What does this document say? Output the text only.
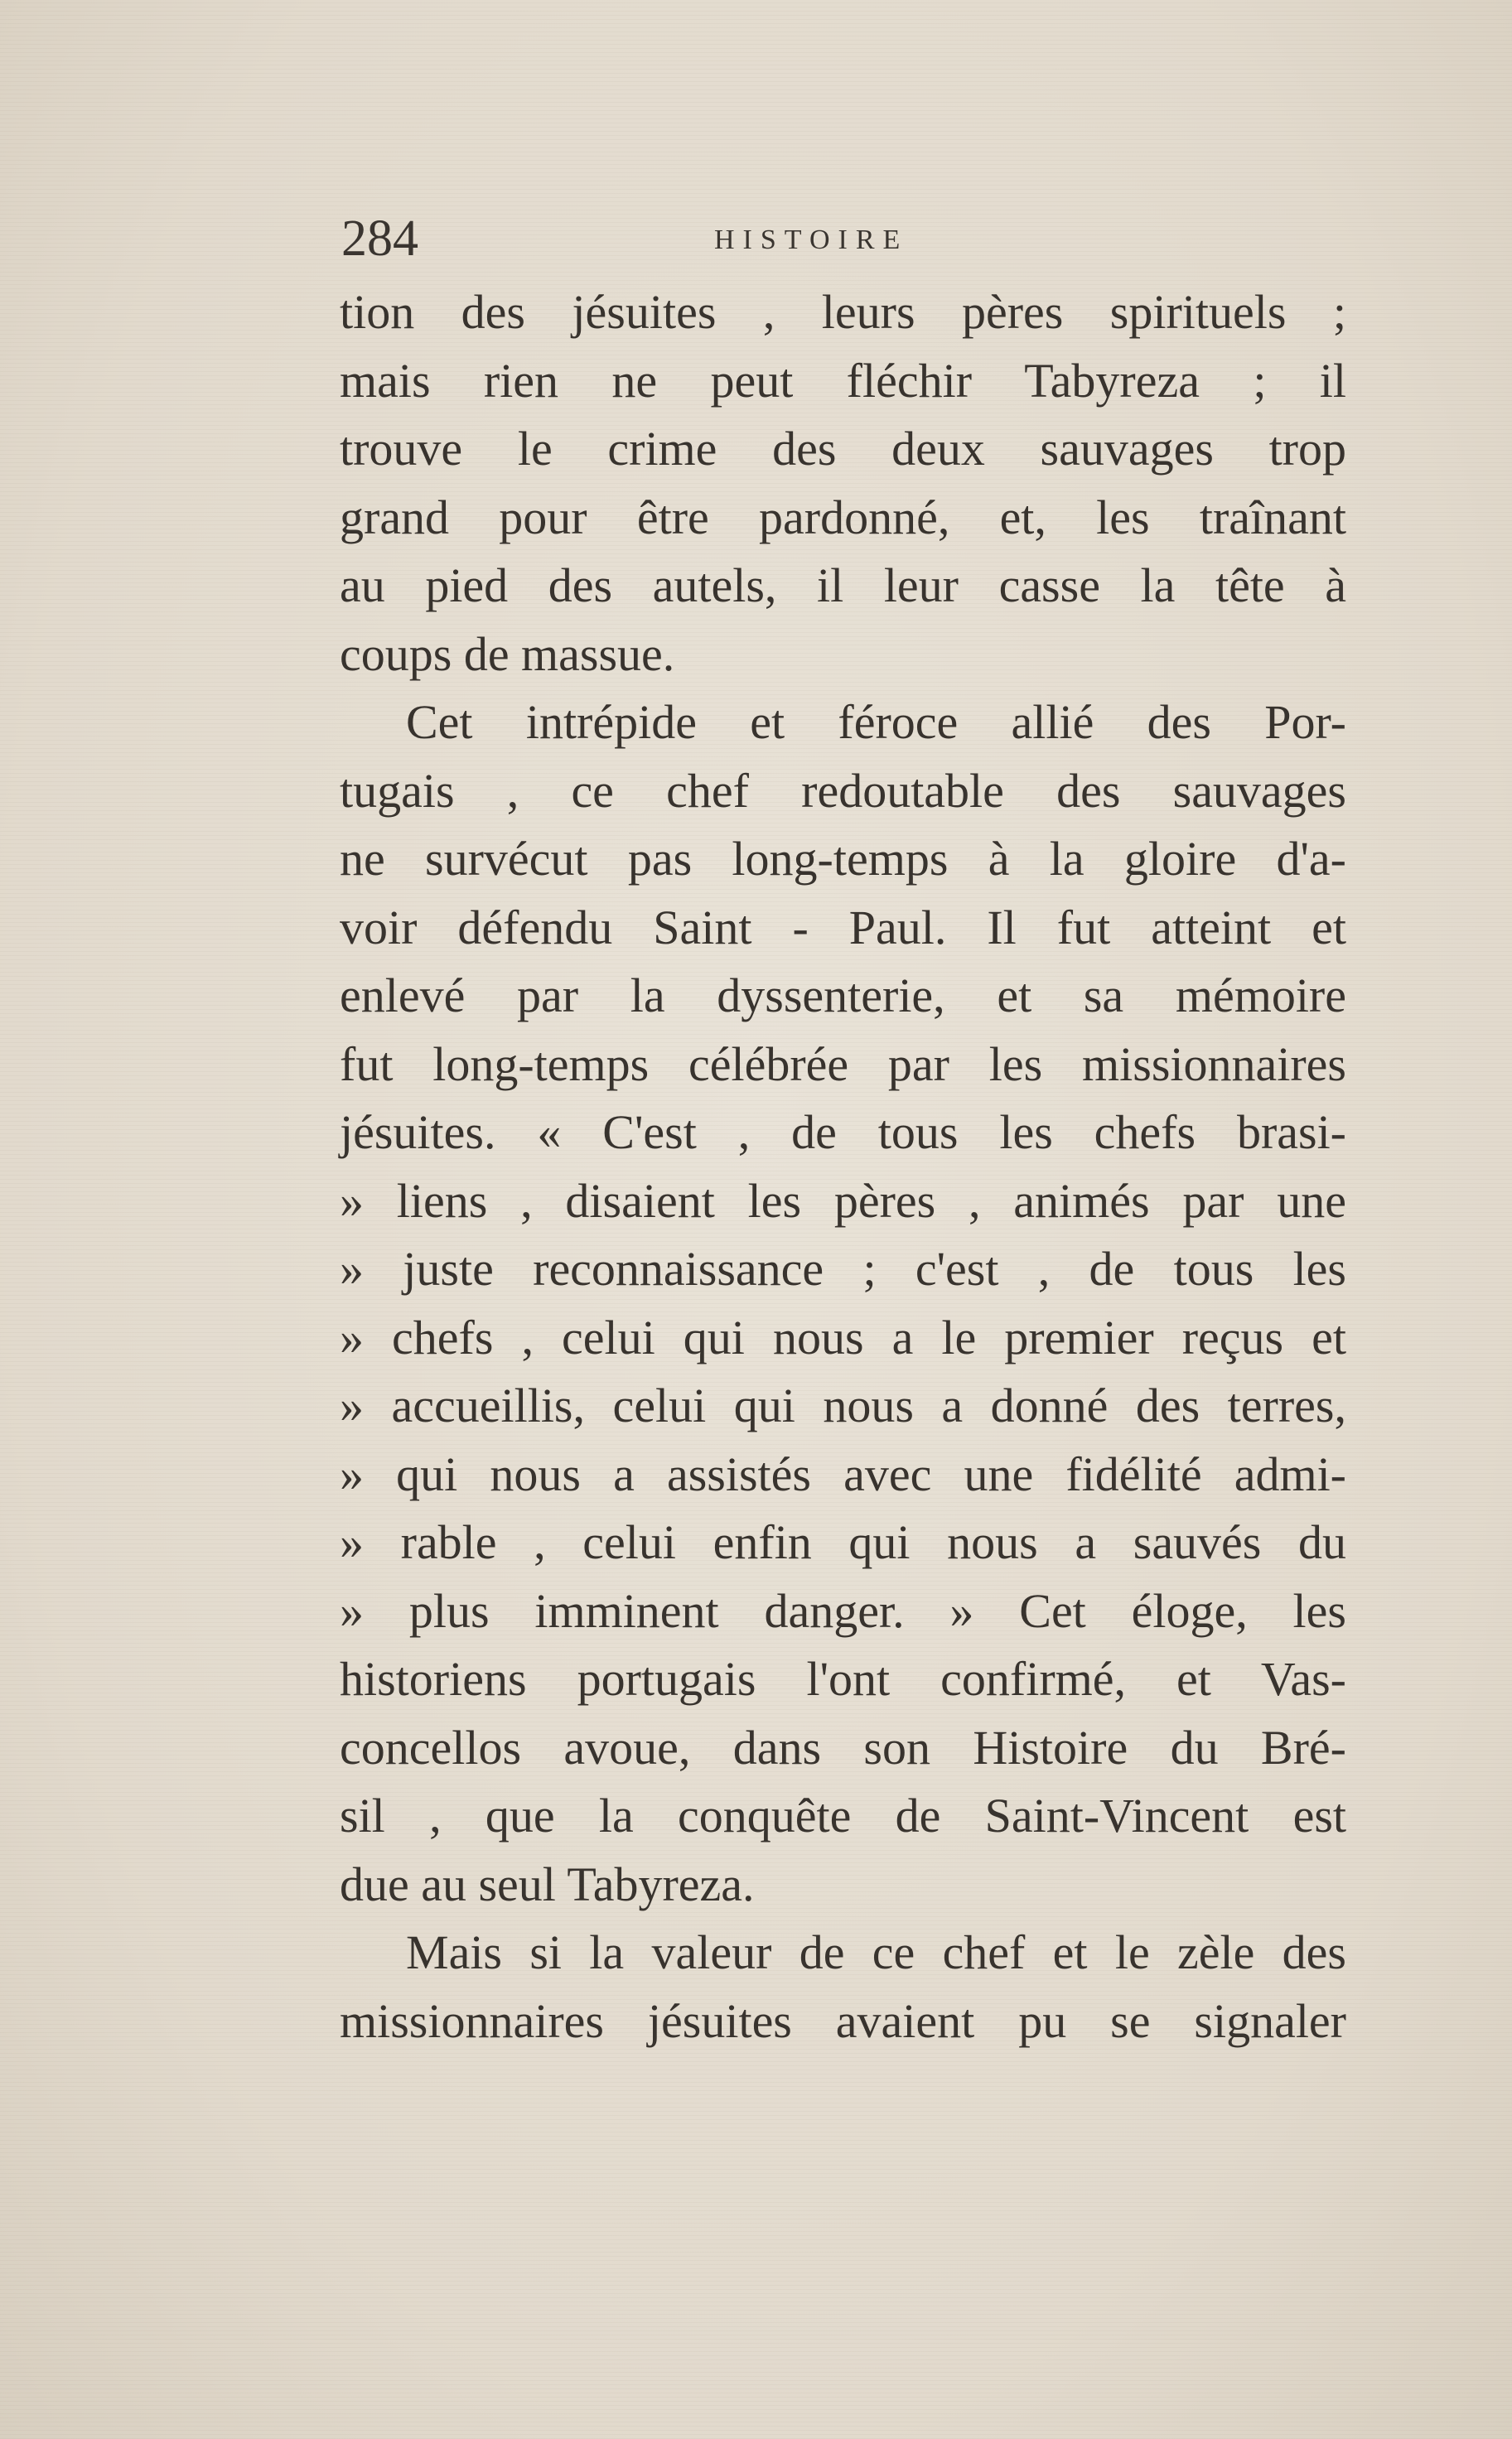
284	HISTOIRE
tion des jésuites , leurs pères spirituels ;
mais rien ne peut fléchir Tabyreza ; il
trouve le crime des deux sauvages trop
grand pour être pardonné, et, les traînant
au pied des autels, il leur casse la tête à
coups de massue.
Cet intrépide et féroce allié des Por-
tugais , ce chef redoutable des sauvages
ne survécut pas long-temps à la gloire d'a-
voir défendu Saint - Paul. Il fut atteint et
enlevé par la dyssenterie, et sa mémoire
fut long-temps célébrée par les missionnaires
jésuites. « C'est , de tous les chefs brasi-
» liens , disaient les pères , animés par une
» juste reconnaissance ; c'est , de tous les
» chefs , celui qui nous a le premier reçus et
» accueillis, celui qui nous a donné des terres,
» qui nous a assistés avec une fidélité admi-
» rable , celui enfin qui nous a sauvés du
» plus imminent danger. » Cet éloge, les
historiens portugais l'ont confirmé, et Vas-
concellos avoue, dans son Histoire du Bré-
sil , que la conquête de Saint-Vincent est
due au seul Tabyreza.
Mais si la valeur de ce chef et le zèle des
missionnaires jésuites avaient pu se signaler
